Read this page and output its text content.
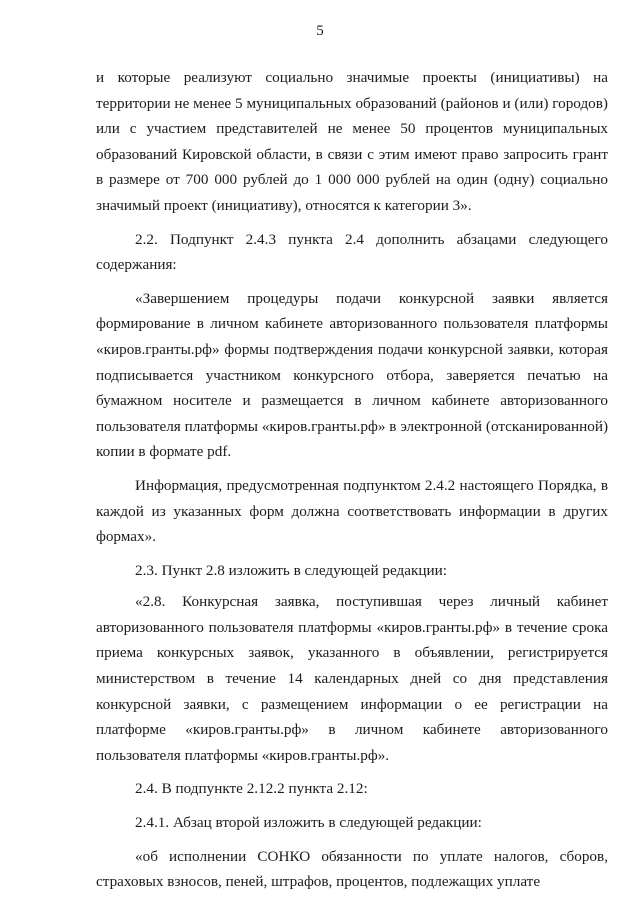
5

и которые реализуют социально значимые проекты (инициативы) на территории не менее 5 муниципальных образований (районов и (или) городов) или с участием представителей не менее 50 процентов муниципальных образований Кировской области, в связи с этим имеют право запросить грант в размере от 700 000 рублей до 1 000 000 рублей на один (одну) социально значимый проект (инициативу), относятся к категории 3».

2.2. Подпункт 2.4.3 пункта 2.4 дополнить абзацами следующего содержания:

«Завершением процедуры подачи конкурсной заявки является формирование в личном кабинете авторизованного пользователя платформы «киров.гранты.рф» формы подтверждения подачи конкурсной заявки, которая подписывается участником конкурсного отбора, заверяется печатью на бумажном носителе и размещается в личном кабинете авторизованного пользователя платформы «киров.гранты.рф» в электронной (отсканированной) копии в формате pdf.

Информация, предусмотренная подпунктом 2.4.2 настоящего Порядка, в каждой из указанных форм должна соответствовать информации в других формах».

2.3. Пункт 2.8 изложить в следующей редакции:

«2.8. Конкурсная заявка, поступившая через личный кабинет авторизованного пользователя платформы «киров.гранты.рф» в течение срока приема конкурсных заявок, указанного в объявлении, регистрируется министерством в течение 14 календарных дней со дня представления конкурсной заявки, с размещением информации о ее регистрации на платформе «киров.гранты.рф» в личном кабинете авторизованного пользователя платформы «киров.гранты.рф».

2.4. В подпункте 2.12.2 пункта 2.12:

2.4.1. Абзац второй изложить в следующей редакции:

«об исполнении СОНКО обязанности по уплате налогов, сборов, страховых взносов, пеней, штрафов, процентов, подлежащих уплате
